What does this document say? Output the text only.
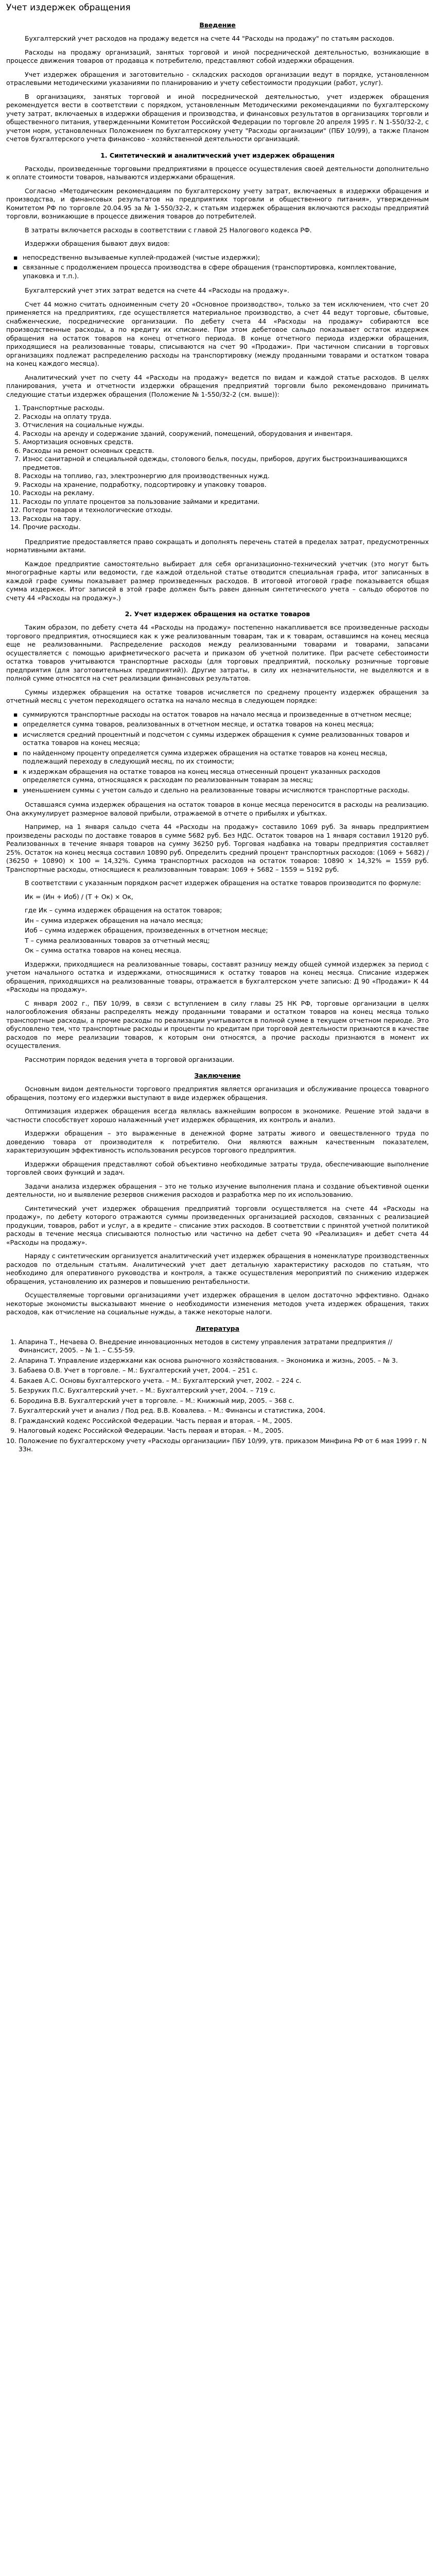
Учет издержек обращения
Введение

Бухгалтерский учет расходов на продажу ведется на счете 44 "Расходы на продажу" по статьям расходов.

Расходы на продажу организаций, занятых торговой и иной посреднической деятельностью, возникающие в процессе движения товаров от продавца к потребителю, представляют собой издержки обращения.

Учет издержек обращения и заготовительно - складских расходов организации ведут в порядке, установленном отраслевыми методическими указаниями по планированию и учету себестоимости продукции (работ, услуг).

В организациях, занятых торговой и иной посреднической деятельностью, учет издержек обращения рекомендуется вести в соответствии с порядком, установленным Методическими рекомендациями по бухгалтерскому учету затрат, включаемых в издержки обращения и производства, и финансовых результатов в организациях торговли и общественного питания, утвержденными Комитетом Российской Федерации по торговле 20 апреля 1995 г. N 1-550/32-2, с учетом норм, установленных Положением по бухгалтерскому учету "Расходы организации" (ПБУ 10/99), а также Планом счетов бухгалтерского учета финансово - хозяйственной деятельности организаций.

1. Синтетический и аналитический учет издержек обращения

Расходы, произведенные торговыми предприятиями в процессе осуществления своей деятельности дополнительно к оплате стоимости товаров, называются издержками обращения.

Согласно «Методическим рекомендациям по бухгалтерскому учету затрат, включаемых в издержки обращения и производства, и финансовых результатов на предприятиях торговли и общественного питания», утвержденным Комитетом РФ по торговле 20.04.95 за № 1-550/32-2, к статьям издержек обращения включаются расходы предприятий торговли, возникающие в процессе движения товаров до потребителей.

В затраты включается расходы в соответствии с главой 25 Налогового кодекса РФ.

Издержки обращения бывают двух видов:

▪ непосредственно вызываемые куплей-продажей (чистые издержки);
▪ связанные с продолжением процесса производства в сфере обращения (транспортировка, комплектование, упаковка и т.п.).

Бухгалтерский учет этих затрат ведется на счете 44 «Расходы на продажу».

Счет 44 можно считать одноименным счету 20 «Основное производство», только за тем исключением, что счет 20 применяется на предприятиях, где осуществляется материальное производство, а счет 44 ведут торговые, сбытовые, снабженческие, посреднические организации. По дебету счета 44 «Расходы на продажу» собираются все производственные расходы, а по кредиту их списание. При этом дебетовое сальдо показывает остаток издержек обращения на остаток товаров на конец отчетного периода. В конце отчетного периода издержки обращения, приходящиеся на реализованные товары, списываются на счет 90 «Продажи». При частичном списании в торговых организациях подлежат распределению расходы на транспортировку (между проданными товарами и остатком товара на конец каждого месяца).

Аналитический учет по счету 44 «Расходы на продажу» ведется по видам и каждой статье расходов. В целях планирования, учета и отчетности издержки обращения предприятий торговли было рекомендовано принимать следующие статьи издержек обращения (Положение № 1-550/32-2 (см. выше)):

1. Транспортные расходы.
2. Расходы на оплату труда.
3. Отчисления на социальные нужды.
4. Расходы на аренду и содержание зданий, сооружений, помещений, оборудования и инвентаря.
5. Амортизация основных средств.
6. Расходы на ремонт основных средств.
7. Износ санитарной и специальной одежды, столового белья, посуды, приборов, других быстроизнашивающихся предметов.
8. Расходы на топливо, газ, электроэнергию для производственных нужд.
9. Расходы на хранение, подработку, подсортировку и упаковку товаров.
10. Расходы на рекламу.
11. Расходы по уплате процентов за пользование займами и кредитами.
12. Потери товаров и технологические отходы.
13. Расходы на тару.
14. Прочие расходы.

Предприятие предоставляется право сокращать и дополнять перечень статей в пределах затрат, предусмотренных нормативными актами.

Каждое предприятие самостоятельно выбирает для себя организационно-технический учетчик (это могут быть многографные карты или ведомости, где каждой отдельной статье отводится специальная графа, итог записанных в каждой графе суммы показывает размер произведенных расходов. В итоговой итоговой графе показывается общая сумма издержек. Итог записей в этой графе должен быть равен данным синтетического учета – сальдо оборотов по счету 44 «Расходы на продажу».)

2. Учет издержек обращения на остатке товаров

Таким образом, по дебету счета 44 «Расходы на продажу» постепенно накапливается все произведенные расходы торгового предприятия, относящиеся как к уже реализованным товарам, так и к товарам, оставшимся на конец месяца еще не реализованными. Распределение расходов между реализованными товарами и товарами, запасами осуществляется с помощью арифметического расчета и приказом об учетной политике. При расчете себестоимости остатка товаров учитываются транспортные расходы (для торговых предприятий, поскольку розничные торговые предприятия (для заготовительных предприятий)). Другие затраты, в силу их незначительности, не выделяются и в полной сумме относятся на счет реализации финансовых результатов.

Суммы издержек обращения на остатке товаров исчисляется по среднему проценту издержек обращения за отчетный месяц с учетом переходящего остатка на начало месяца в следующем порядке:

▪ суммируются транспортные расходы на остаток товаров на начало месяца и произведенные в отчетном месяце;
▪ определяется сумма товаров, реализованных в отчетном месяце, и остатка товаров на конец месяца;
▪ исчисляется средний процентный и подсчетом с суммы издержек обращения к сумме реализованных товаров и остатка товаров на конец месяца;
▪ по найденному проценту определяется сумма издержек обращения на остатке товаров на конец месяца, подлежащий переходу в следующий месяц, по их стоимости;
▪ к издержкам обращения на остатке товаров на конец месяца отнесенный процент указанных расходов определяется сумма, относящаяся к расходам по реализованным товарам за месяц;
▪ уменьшением суммы с учетом сальдо и сдельно на реализованные товары исчисляются транспортные расходы.

Оставшаяся сумма издержек обращения на остаток товаров в конце месяца переносится в расходы на реализацию. Она аккумулирует размерное валовой прибыли, отражаемой в отчете о прибылях и убытках.

Например, на 1 января сальдо счета 44 «Расходы на продажу» составило 1069 руб. За январь предприятием произведены расходы по доставке товаров в сумме 5682 руб. Без НДС. Остаток товаров на 1 января составил 19120 руб. Реализованных в течение января товаров на сумму 36250 руб. Торговая надбавка на товары предприятия составляет 25%. Остаток на конец месяца составил 10890 руб. Определить средний процент транспортных расходов: (1069 + 5682) / (36250 + 10890) × 100 = 14,32%. Сумма транспортных расходов на остаток товаров: 10890 × 14,32% = 1559 руб. Транспортные расходы, относящиеся к реализованным товарам: 1069 + 5682 – 1559 = 5192 руб.

В соответствии с указанным порядком расчет издержек обращения на остатке товаров производится по формуле:

Ик = (Ин + Иоб) / (Т + Ок) × Ок,
где Ик – сумма издержек обращения на остаток товаров;
Ин – сумма издержек обращения на начало месяца;
Иоб – сумма издержек обращения, произведенных в отчетном месяце;
Т – сумма реализованных товаров за отчетный месяц;
Ок – сумма остатка товаров на конец месяца.

Издержки, приходящиеся на реализованные товары, составят разницу между общей суммой издержек за период с учетом начального остатка и издержками, относящимися к остатку товаров на конец месяца. Списание издержек обращения, приходящихся на реализованные товары, отражается в бухгалтерском учете записью: Д 90 «Продажи» К 44 «Расходы на продажу».

С января 2002 г., ПБУ 10/99, в связи с вступлением в силу главы 25 НК РФ, торговые организации в целях налогообложения обязаны распределять между проданными товарами и остатком товаров на конец месяца только транспортные расходы, а прочие расходы по реализации учитываются в полной сумме в текущем отчетном периоде. Это обусловлено тем, что транспортные расходы и проценты по кредитам при торговой деятельности признаются в качестве расходов по мере реализации товаров, к которым они относятся, а прочие расходы признаются в момент их осуществления.

Рассмотрим порядок ведения учета в торговой организации.

Заключение

Основным видом деятельности торгового предприятия является организация и обслуживание процесса товарного обращения, поэтому его издержки выступают в виде издержек обращения.

Оптимизация издержек обращения всегда являлась важнейшим вопросом в экономике. Решение этой задачи в частности способствует хорошо налаженный учет издержек обращения, их контроль и анализ.

Издержки обращения – это выраженные в денежной форме затраты живого и овеществленного труда по доведению товара от производителя к потребителю. Они являются важным качественным показателем, характеризующим эффективность использования ресурсов торгового предприятия.

Издержки обращения представляют собой объективно необходимые затраты труда, обеспечивающие выполнение торговлей своих функций и задач.

Задачи анализа издержек обращения – это не только изучение выполнения плана и создание объективной оценки деятельности, но и выявление резервов снижения расходов и разработка мер по их использованию.

Синтетический учет издержек обращения предприятий торговли осуществляется на счете 44 «Расходы на продажу», по дебету которого отражаются суммы произведенных организацией расходов, связанных с реализацией продукции, товаров, работ и услуг, а в кредите – списание этих расходов. В соответствии с принятой учетной политикой расходы в течение месяца списываются полностью или частично на дебет счета 90 «Реализация» и дебет счета 44 «Расходы на продажу».

Наряду с синтетическим организуется аналитический учет издержек обращения в номенклатуре производственных расходов по отдельным статьям. Аналитический учет дает детальную характеристику расходов по статьям, что необходимо для оперативного руководства и контроля, а также осуществления мероприятий по снижению издержек обращения, установлению их размеров и повышению рентабельности.

Осуществляемые торговыми организациями учет издержек обращения в целом достаточно эффективно. Однако некоторые экономисты высказывают мнение о необходимости изменения методов учета издержек обращения, таких расходов, как отчисление на социальные нужды, а также некоторые налоги.

Литература
1. Апарина Т., Нечаева О. Внедрение инновационных методов в систему управления затратами предприятия // Финансист, 2005. – № 1. – С.55-59.
2. Апарина Т. Управление издержками как основа рыночного хозяйствования. – Экономика и жизнь, 2005. – № 3.
3. Бабаева О.В. Учет в торговле. – М.: Бухгалтерский учет, 2004. – 251 с.
4. Бакаев А.С. Основы бухгалтерского учета. – М.: Бухгалтерский учет, 2002. – 224 с.
5. Безруких П.С. Бухгалтерский учет. – М.: Бухгалтерский учет, 2004. – 719 с.
6. Бородина В.В. Бухгалтерский учет в торговле. – М.: Книжный мир, 2005. – 368 с.
7. Бухгалтерский учет и анализ / Под ред. В.В. Ковалева. – М.: Финансы и статистика, 2004.
8. Гражданский кодекс Российской Федерации. Часть первая и вторая. – М., 2005.
9. Налоговый кодекс Российской Федерации. Часть первая и вторая. – М., 2005.
10. Положение по бухгалтерскому учету «Расходы организации» ПБУ 10/99, утв. приказом Минфина РФ от 6 мая 1999 г. N 33н.
